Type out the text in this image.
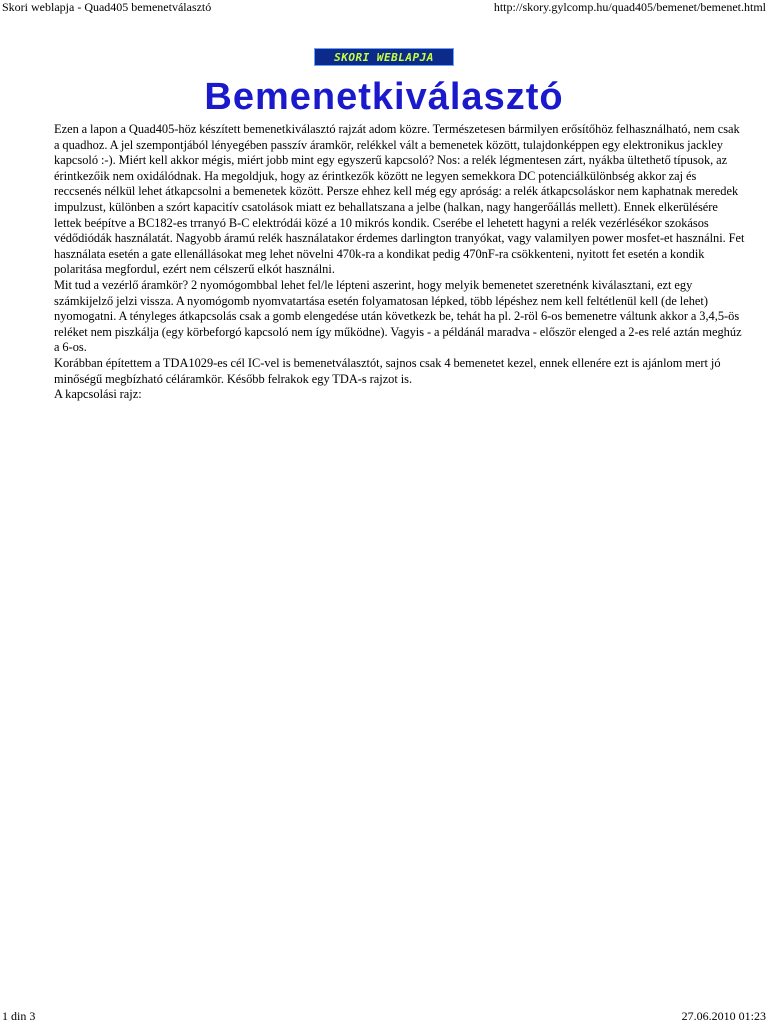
Skori weblapja - Quad405 bemenetválasztó	http://skory.gylcomp.hu/quad405/bemenet/bemenet.html
SKORI WEBLAPJA
Bemenetkiválasztó

Ezen a lapon a Quad405-höz készített bemenetkiválasztó rajzát adom közre. Természetesen bármilyen erősítőhöz felhasználható, nem csak a quadhoz. A jel szempontjából lényegében passzív áramkör, relékkel vált a bemenetek között, tulajdonképpen egy elektronikus jackley kapcsoló :-). Miért kell akkor mégis, miért jobb mint egy egyszerű kapcsoló? Nos: a relék légmentesen zárt, nyákba ültethető típusok, az érintkezőik nem oxidálódnak. Ha megoldjuk, hogy az érintkezők között ne legyen semekkora DC potenciálkülönbség akkor zaj és reccsenés nélkül lehet átkapcsolni a bemenetek között. Persze ehhez kell még egy apróság: a relék átkapcsoláskor nem kaphatnak meredek impulzust, különben a szórt kapacitív csatolások miatt ez behallatszana a jelbe (halkan, nagy hangerőállás mellett). Ennek elkerülésére lettek beépítve a BC182-es trranyó B-C elektródái közé a 10 mikrós kondik. Cserébe el lehetett hagyni a relék vezérlésékor szokásos védődiódák használatát. Nagyobb áramú relék használatakor érdemes darlington tranyókat, vagy valamilyen power mosfet-et használni. Fet használata esetén a gate ellenállásokat meg lehet növelni 470k-ra a kondikat pedig 470nF-ra csökkenteni, nyitott fet esetén a kondik polaritása megfordul, ezért nem célszerű elkót használni.

Mit tud a vezérlő áramkör? 2 nyomógombbal lehet fel/le lépteni aszerint, hogy melyik bemenetet szeretnénk kiválasztani, ezt egy számkijelző jelzi vissza. A nyomógomb nyomvatartása esetén folyamatosan lépked, több lépéshez nem kell feltétlenül kell (de lehet) nyomogatni. A tényleges átkapcsolás csak a gomb elengedése után következk be, tehát ha pl. 2-röl 6-os bemenetre váltunk akkor a 3,4,5-ös reléket nem piszkálja (egy körbeforgó kapcsoló nem így működne). Vagyis - a példánál maradva - először elenged a 2-es relé aztán meghúz a 6-os.

Korábban építettem a TDA1029-es cél IC-vel is bemenetválasztót, sajnos csak 4 bemenetet kezel, ennek ellenére ezt is ajánlom mert jó minőségű megbízható céláramkör. Később felrakok egy TDA-s rajzot is.

A kapcsolási rajz:

1 din 3	27.06.2010 01:23
